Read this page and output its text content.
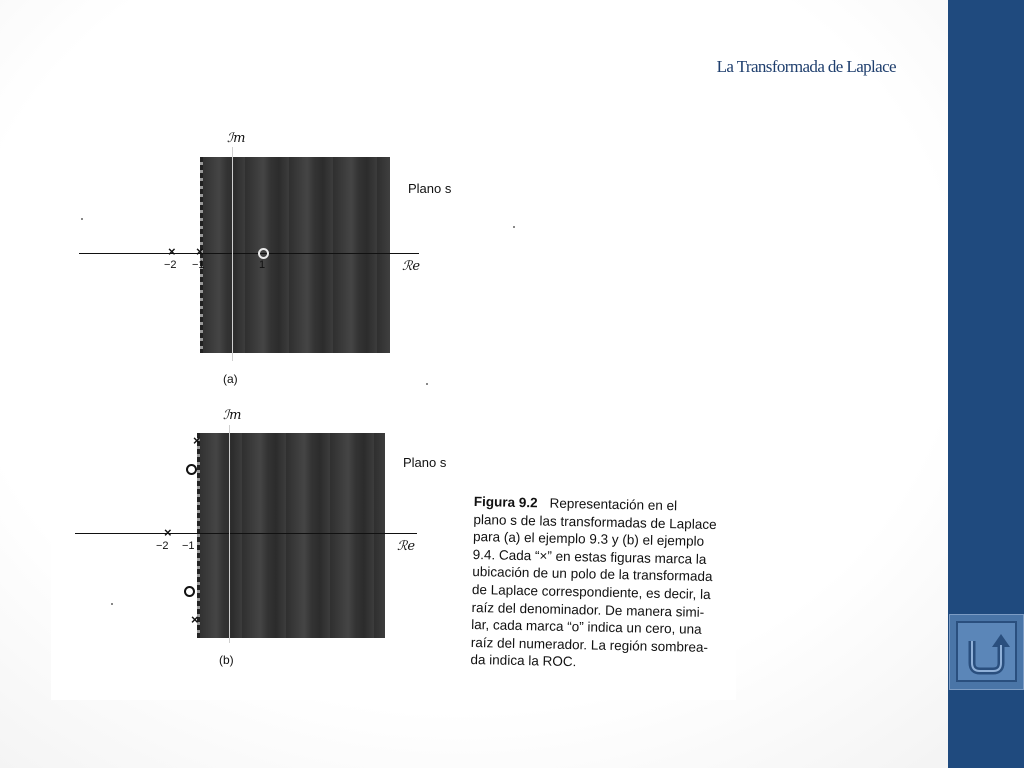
La Transformada de Laplace
ℐm
ℛe
Plano s
−2 −1	1
× ×
(a)
ℐm
ℛe
Plano s
−2 −1
×
×
×
(b)
Figura 9.2 Representación en el
plano s de las transformadas de Laplace
para (a) el ejemplo 9.3 y (b) el ejemplo
9.4. Cada “×” en estas figuras marca la
ubicación de un polo de la transformada
de Laplace correspondiente, es decir, la
raíz del denominador. De manera simi-
lar, cada marca “o” indica un cero, una
raíz del numerador. La región sombrea-
da indica la ROC.
